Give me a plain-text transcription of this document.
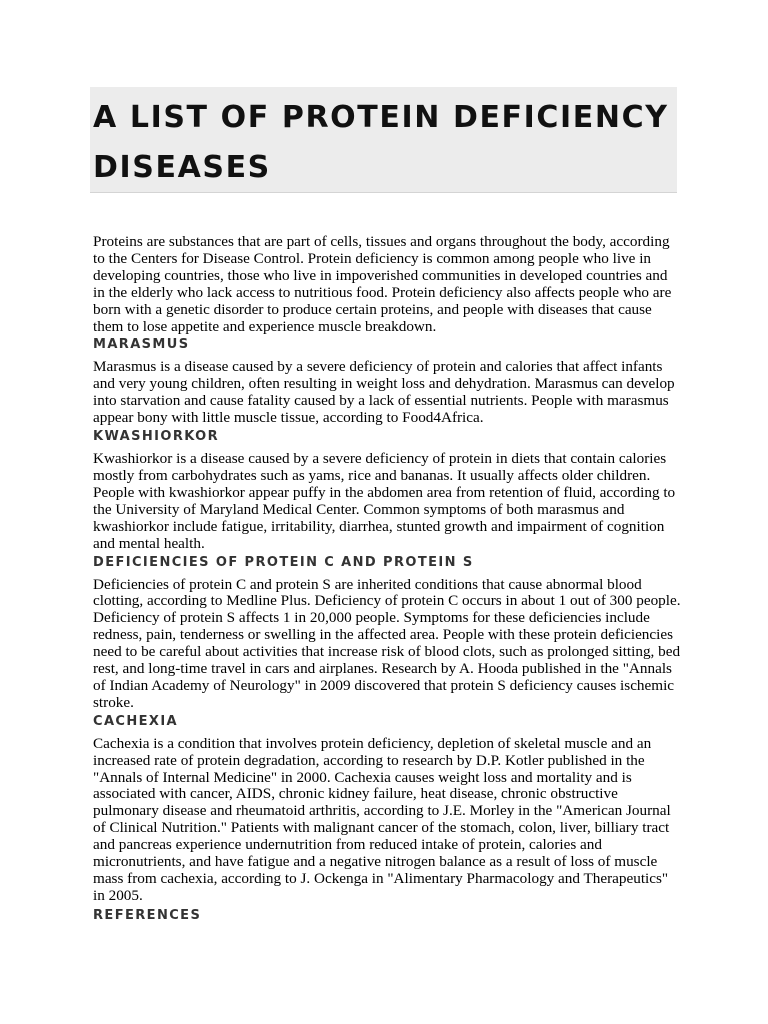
A LIST OF PROTEIN DEFICIENCY DISEASES

Proteins are substances that are part of cells, tissues and organs throughout the body, according to the Centers for Disease Control. Protein deficiency is common among people who live in developing countries, those who live in impoverished communities in developed countries and in the elderly who lack access to nutritious food. Protein deficiency also affects people who are born with a genetic disorder to produce certain proteins, and people with diseases that cause them to lose appetite and experience muscle breakdown.

MARASMUS

Marasmus is a disease caused by a severe deficiency of protein and calories that affect infants and very young children, often resulting in weight loss and dehydration. Marasmus can develop into starvation and cause fatality caused by a lack of essential nutrients. People with marasmus appear bony with little muscle tissue, according to Food4Africa.

KWASHIORKOR

Kwashiorkor is a disease caused by a severe deficiency of protein in diets that contain calories mostly from carbohydrates such as yams, rice and bananas. It usually affects older children. People with kwashiorkor appear puffy in the abdomen area from retention of fluid, according to the University of Maryland Medical Center. Common symptoms of both marasmus and kwashiorkor include fatigue, irritability, diarrhea, stunted growth and impairment of cognition and mental health.

DEFICIENCIES OF PROTEIN C AND PROTEIN S

Deficiencies of protein C and protein S are inherited conditions that cause abnormal blood clotting, according to Medline Plus. Deficiency of protein C occurs in about 1 out of 300 people. Deficiency of protein S affects 1 in 20,000 people. Symptoms for these deficiencies include redness, pain, tenderness or swelling in the affected area. People with these protein deficiencies need to be careful about activities that increase risk of blood clots, such as prolonged sitting, bed rest, and long-time travel in cars and airplanes. Research by A. Hooda published in the "Annals of Indian Academy of Neurology" in 2009 discovered that protein S deficiency causes ischemic stroke.

CACHEXIA

Cachexia is a condition that involves protein deficiency, depletion of skeletal muscle and an increased rate of protein degradation, according to research by D.P. Kotler published in the "Annals of Internal Medicine" in 2000. Cachexia causes weight loss and mortality and is associated with cancer, AIDS, chronic kidney failure, heat disease, chronic obstructive pulmonary disease and rheumatoid arthritis, according to J.E. Morley in the "American Journal of Clinical Nutrition." Patients with malignant cancer of the stomach, colon, liver, billiary tract and pancreas experience undernutrition from reduced intake of protein, calories and micronutrients, and have fatigue and a negative nitrogen balance as a result of loss of muscle mass from cachexia, according to J. Ockenga in "Alimentary Pharmacology and Therapeutics" in 2005.

REFERENCES
